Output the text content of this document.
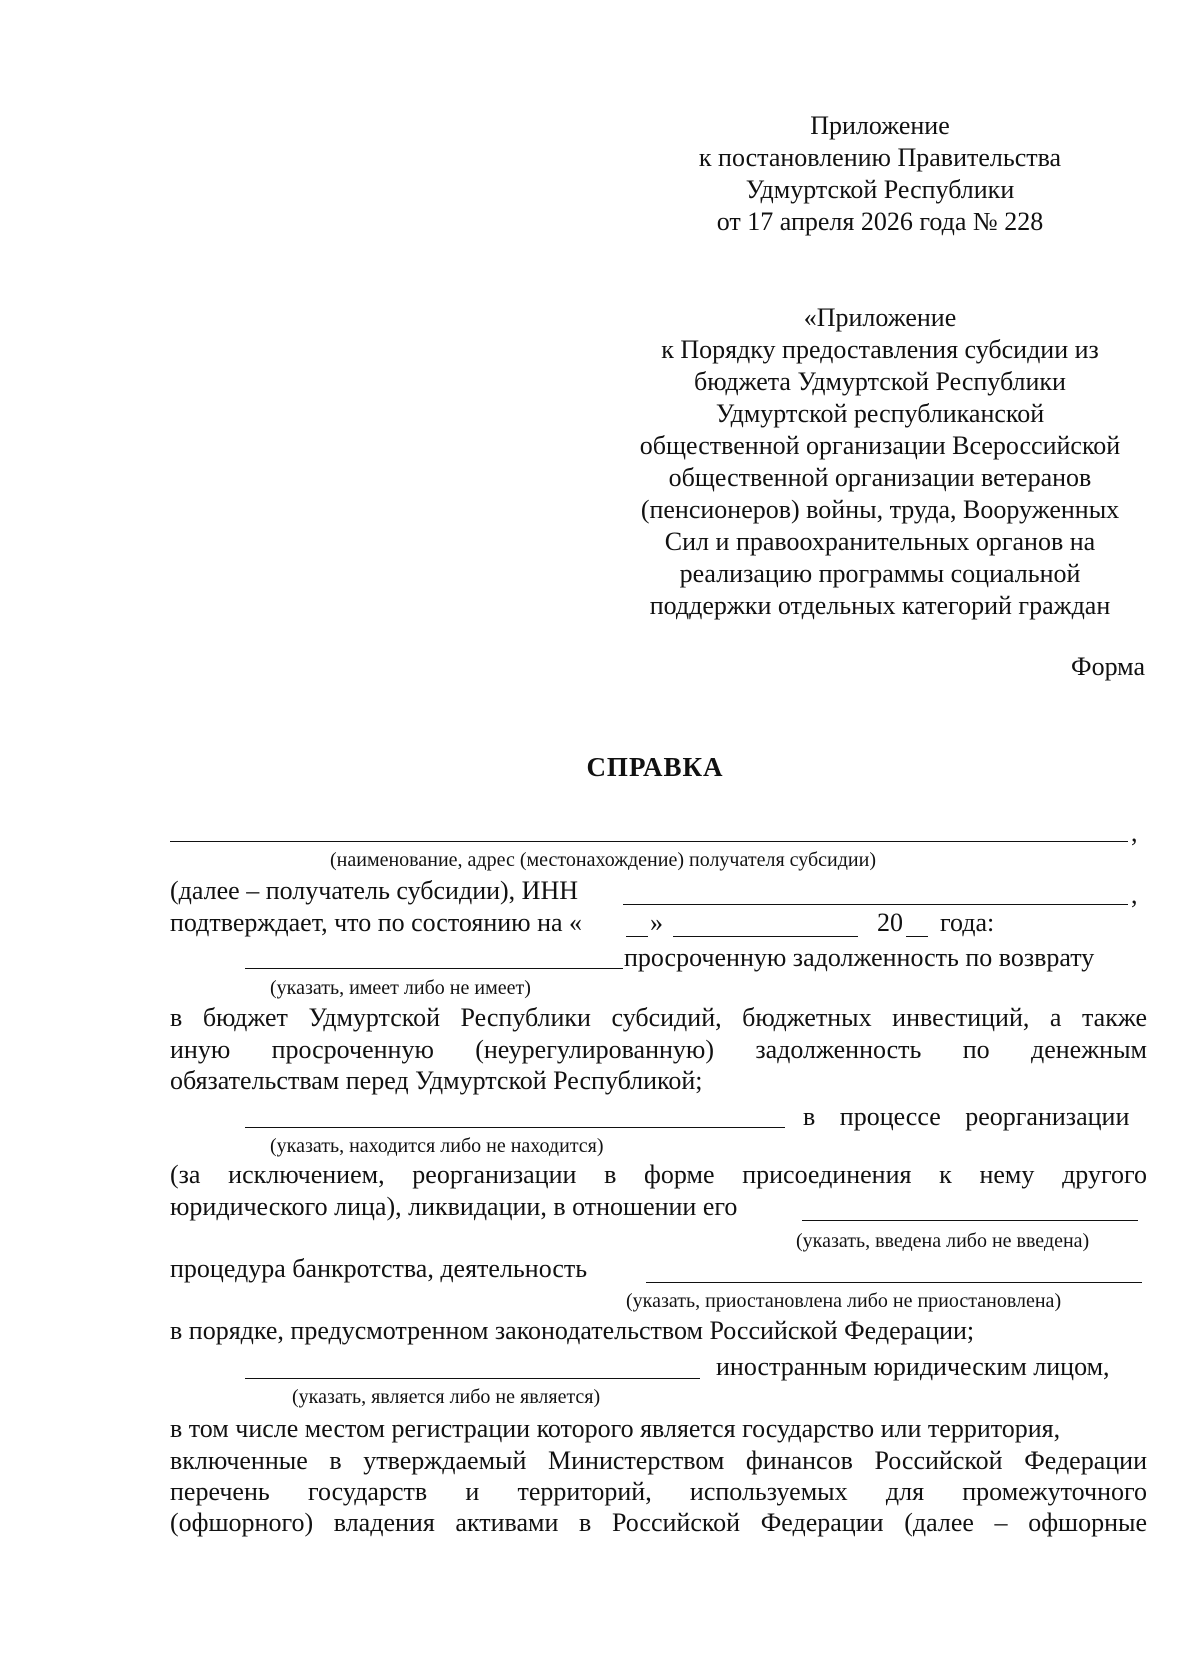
Приложение
к постановлению Правительства
Удмуртской Республики
от 17 апреля 2026 года № 228
«Приложение
к Порядку предоставления субсидии из
бюджета Удмуртской Республики
Удмуртской республиканской
общественной организации Всероссийской
общественной организации ветеранов
(пенсионеров) войны, труда, Вооруженных
Сил и правоохранительных органов на
реализацию программы социальной
поддержки отдельных категорий граждан
Форма
СПРАВКА
,
(наименование, адрес (местонахождение) получателя субсидии)
(далее – получатель субсидии), ИНН	,
подтверждает, что по состоянию на «	»	20 года:
просроченную задолженность по возврату
(указать, имеет либо не имеет)
в бюджет Удмуртской Республики субсидий, бюджетных инвестиций, а также
иную просроченную (неурегулированную) задолженность по денежным
обязательствам перед Удмуртской Республикой;
в процессе реорганизации
(указать, находится либо не находится)
(за исключением, реорганизации в форме присоединения к нему другого
юридического лица), ликвидации, в отношении его
(указать, введена либо не введена)
процедура банкротства, деятельность
(указать, приостановлена либо не приостановлена)
в порядке, предусмотренном законодательством Российской Федерации;
иностранным юридическим лицом,
(указать, является либо не является)
в том числе местом регистрации которого является государство или территория,
включенные в утверждаемый Министерством финансов Российской Федерации
перечень государств и территорий, используемых для промежуточного
(офшорного) владения активами в Российской Федерации (далее – офшорные
